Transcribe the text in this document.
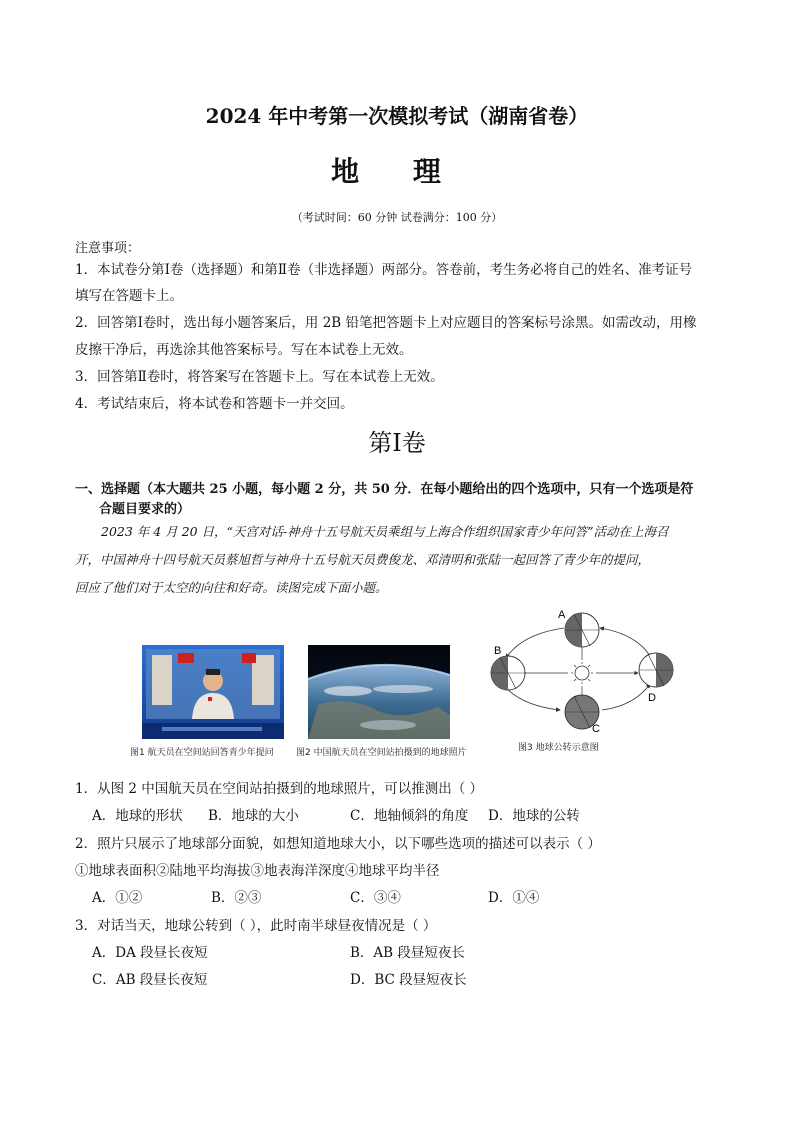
2024 年中考第一次模拟考试（湖南省卷）
地 理
（考试时间：60 分钟 试卷满分：100 分）
注意事项：
1．本试卷分第Ⅰ卷（选择题）和第Ⅱ卷（非选择题）两部分。答卷前，考生务必将自己的姓名、准考证号
填写在答题卡上。
2．回答第Ⅰ卷时，选出每小题答案后，用 2B 铅笔把答题卡上对应题目的答案标号涂黑。如需改动，用橡
皮擦干净后，再选涂其他答案标号。写在本试卷上无效。
3．回答第Ⅱ卷时，将答案写在答题卡上。写在本试卷上无效。
4．考试结束后，将本试卷和答题卡一并交回。
第Ⅰ卷
一、选择题（本大题共 25 小题，每小题 2 分，共 50 分．在每小题给出的四个选项中，只有一个选项是符
合题目要求的）

2023 年 4 月 20 日，“天宫对话-神舟十五号航天员乘组与上海合作组织国家青少年问答”活动在上海召

开，中国神舟十四号航天员蔡旭哲与神舟十五号航天员费俊龙、邓清明和张陆一起回答了青少年的提问，
回应了他们对于太空的向往和好奇。读图完成下面小题。
图1 航天员在空间站回答青少年提问	图2 中国航天员在空间站拍摄到的地球照片
A
B
C
D
图3 地球公转示意图
1．从图 2 中国航天员在空间站拍摄到的地球照片，可以推测出（ ）
A．地球的形状 B．地球的大小	C．地轴倾斜的角度 D．地球的公转
2．照片只展示了地球部分面貌，如想知道地球大小，以下哪些选项的描述可以表示（ ）
①地球表面积②陆地平均海拔③地表海洋深度④地球平均半径
A．①②	B．②③	C．③④	D．①④
3．对话当天，地球公转到（ ），此时南半球昼夜情况是（ ）
A．DA 段昼长夜短	B．AB 段昼短夜长
C．AB 段昼长夜短	D．BC 段昼短夜长
